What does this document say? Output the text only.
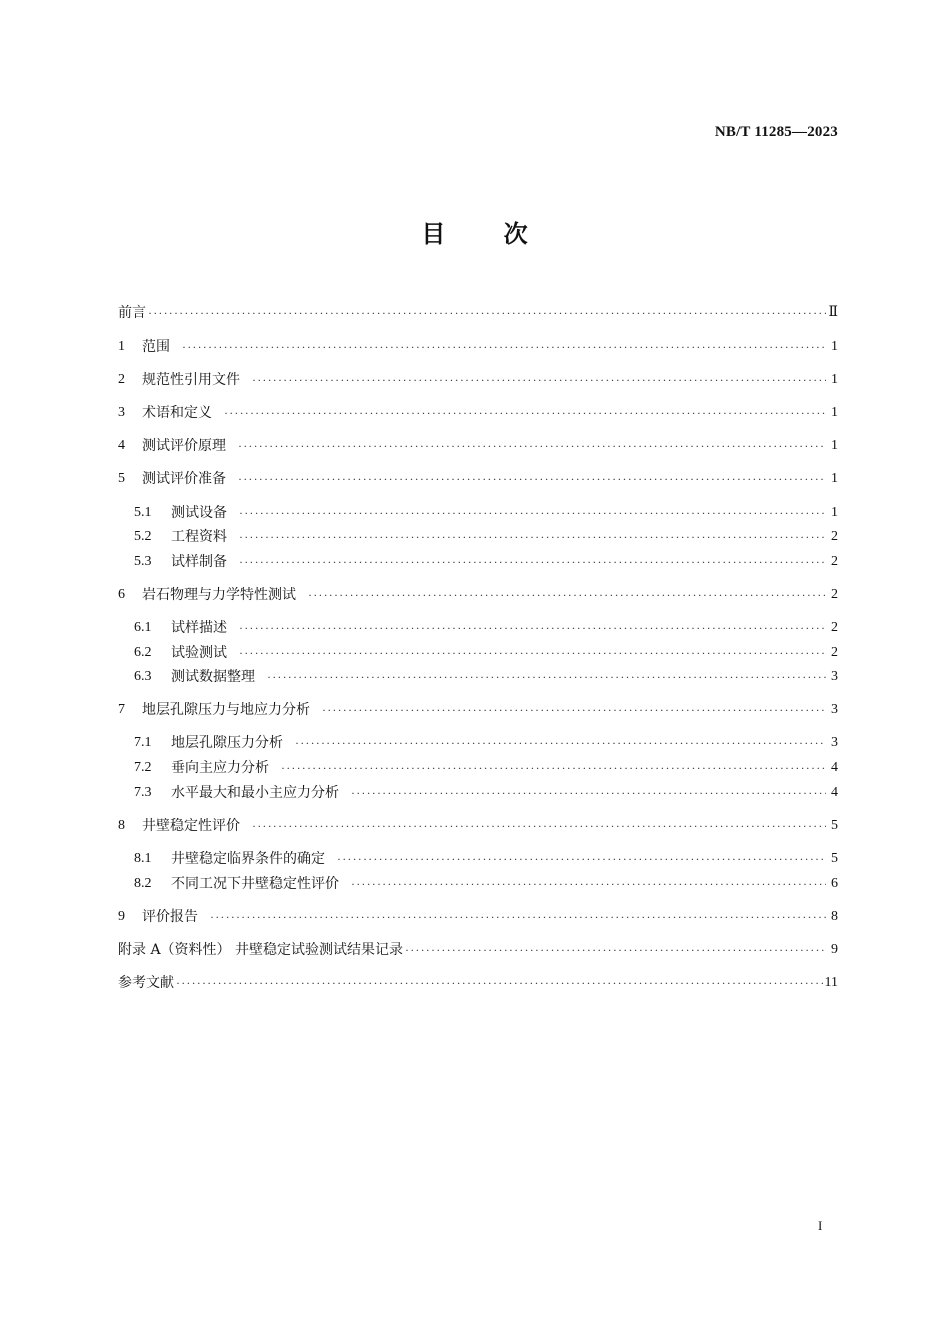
NB/T 11285—2023
目 次
前言 ·····	Ⅱ
1	范围 ·····	1
2	规范性引用文件 ·····	1
3	术语和定义 ·····	1
4	测试评价原理 ·····	1
5	测试评价准备 ·····	1
5.1	测试设备 ·····	1
5.2	工程资料 ·····	2
5.3	试样制备 ·····	2
6	岩石物理与力学特性测试 ·····	2
6.1	试样描述 ·····	2
6.2	试验测试 ·····	2
6.3	测试数据整理 ·····	3
7	地层孔隙压力与地应力分析 ·····	3
7.1	地层孔隙压力分析 ·····	3
7.2	垂向主应力分析 ·····	4
7.3	水平最大和最小主应力分析 ·····	4
8	井壁稳定性评价 ·····	5
8.1	井壁稳定临界条件的确定 ·····	5
8.2	不同工况下井壁稳定性评价 ·····	6
9	评价报告 ·····	8
附录 A（资料性） 井壁稳定试验测试结果记录 ·····	9
参考文献 ·····	11
I
